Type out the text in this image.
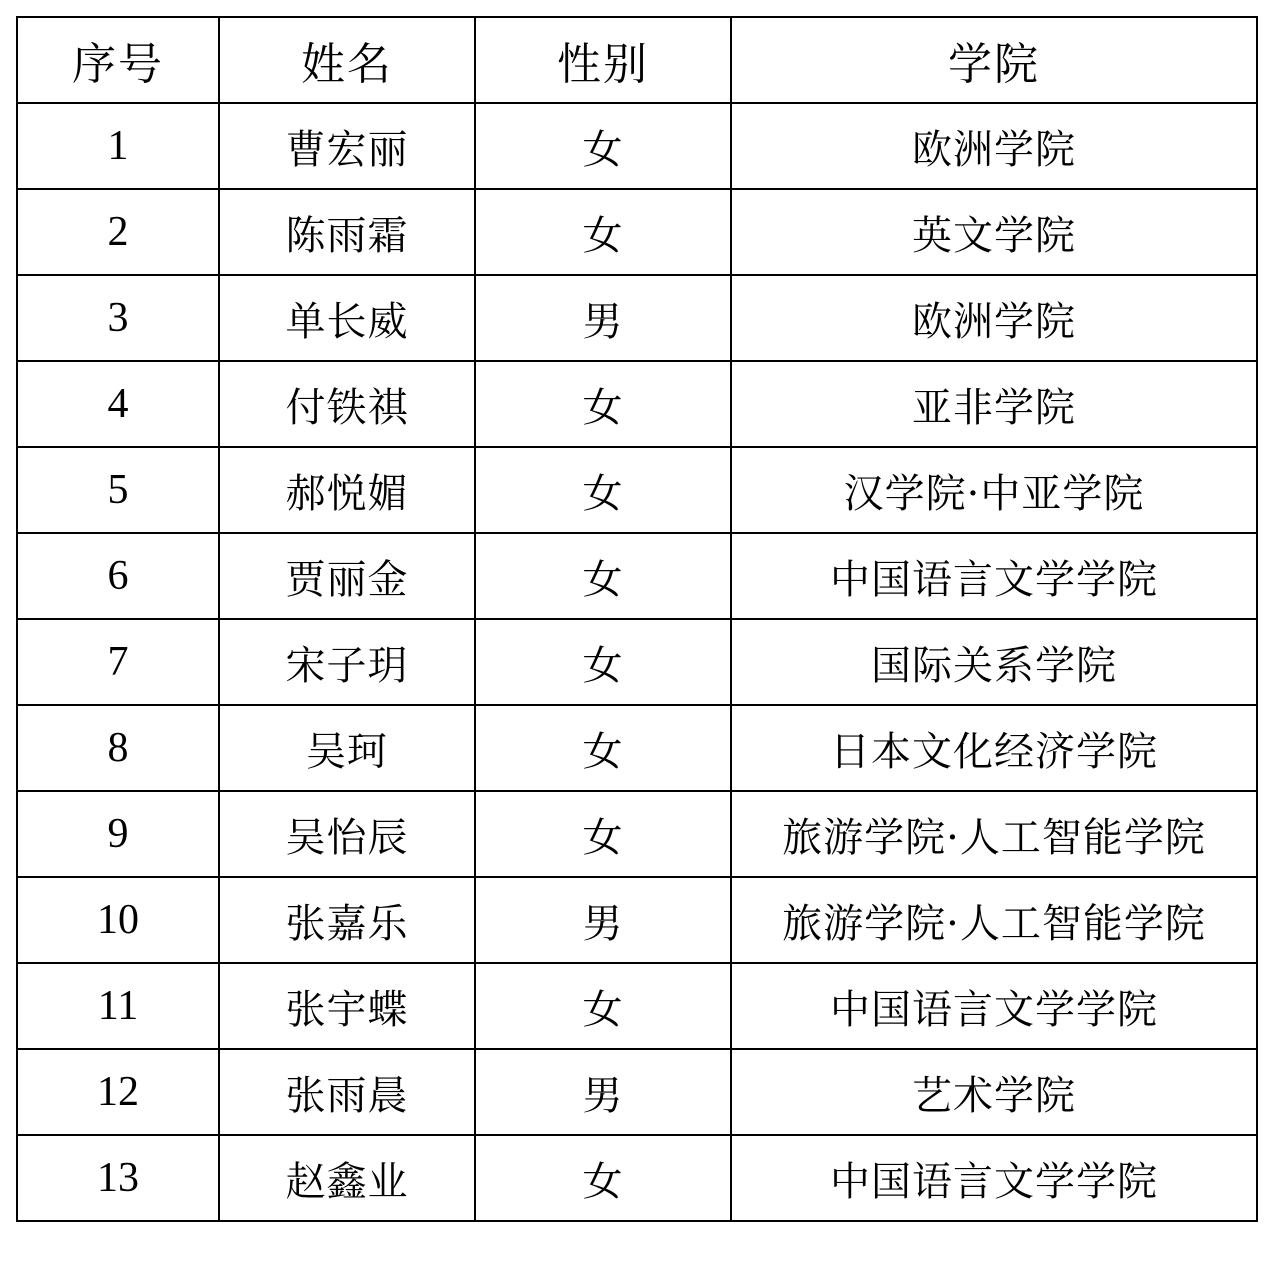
序号	姓名	性别	学院
1	曹宏丽	女	欧洲学院
2	陈雨霜	女	英文学院
3	单长威	男	欧洲学院
4	付铁祺	女	亚非学院
5	郝悦媚	女	汉学院·中亚学院
6	贾丽金	女	中国语言文学学院
7	宋子玥	女	国际关系学院
8	吴珂	女	日本文化经济学院
9	吴怡辰	女	旅游学院·人工智能学院
10	张嘉乐	男	旅游学院·人工智能学院
11	张宇蝶	女	中国语言文学学院
12	张雨晨	男	艺术学院
13	赵鑫业	女	中国语言文学学院
